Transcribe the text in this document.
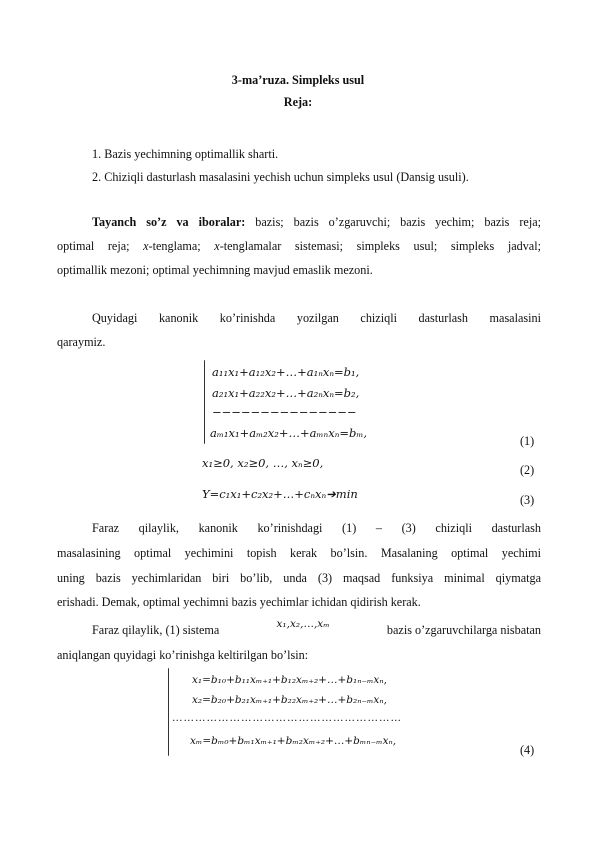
3-ma’ruza. Simpleks usul
Reja:
1. Bazis yechimning optimallik sharti.
2. Chiziqli dasturlash masalasini yechish uchun simpleks usul (Dansig usuli).
Tayanch so’z va iboralar: bazis; bazis o’zgaruvchi; bazis yechim; bazis reja;
optimal reja; x-tenglama; x-tenglamalar sistemasi; simpleks usul; simpleks jadval;
optimallik mezoni; optimal yechimning mavjud emaslik mezoni.
Quyidagi kanonik ko’rinishda yozilgan chiziqli dasturlash masalasini
qaraymiz.
a₁₁x₁+a₁₂x₂+…+a₁ₙxₙ=b₁,
a₂₁x₁+a₂₂x₂+…+a₂ₙxₙ=b₂,
−−−−−−−−−−−−−−−
aₘ₁x₁+aₘ₂x₂+…+aₘₙxₙ=bₘ,
(1)
x₁≥0, x₂≥0, …, xₙ≥0,	(2)
Y=c₁x₁+c₂x₂+…+cₙxₙ➔min	(3)
Faraz qilaylik, kanonik ko’rinishdagi (1) – (3) chiziqli dasturlash
masalasining optimal yechimini topish kerak bo’lsin. Masalaning optimal yechimi
uning bazis yechimlaridan biri bo’lib, unda (3) maqsad funksiya minimal qiymatga
erishadi. Demak, optimal yechimni bazis yechimlar ichidan qidirish kerak.
Faraz qilaylik, (1) sistema	x₁,x₂,…,xₘ	bazis o’zgaruvchilarga nisbatan
aniqlangan quyidagi ko’rinishga keltirilgan bo’lsin:
x₁=b₁₀+b₁₁xₘ₊₁+b₁₂xₘ₊₂+…+b₁ₙ₋ₘxₙ,
x₂=b₂₀+b₂₁xₘ₊₁+b₂₂xₘ₊₂+…+b₂ₙ₋ₘxₙ,
……………………………………………………
xₘ=bₘ₀+bₘ₁xₘ₊₁+bₘ₂xₘ₊₂+…+bₘₙ₋ₘxₙ,
(4)
